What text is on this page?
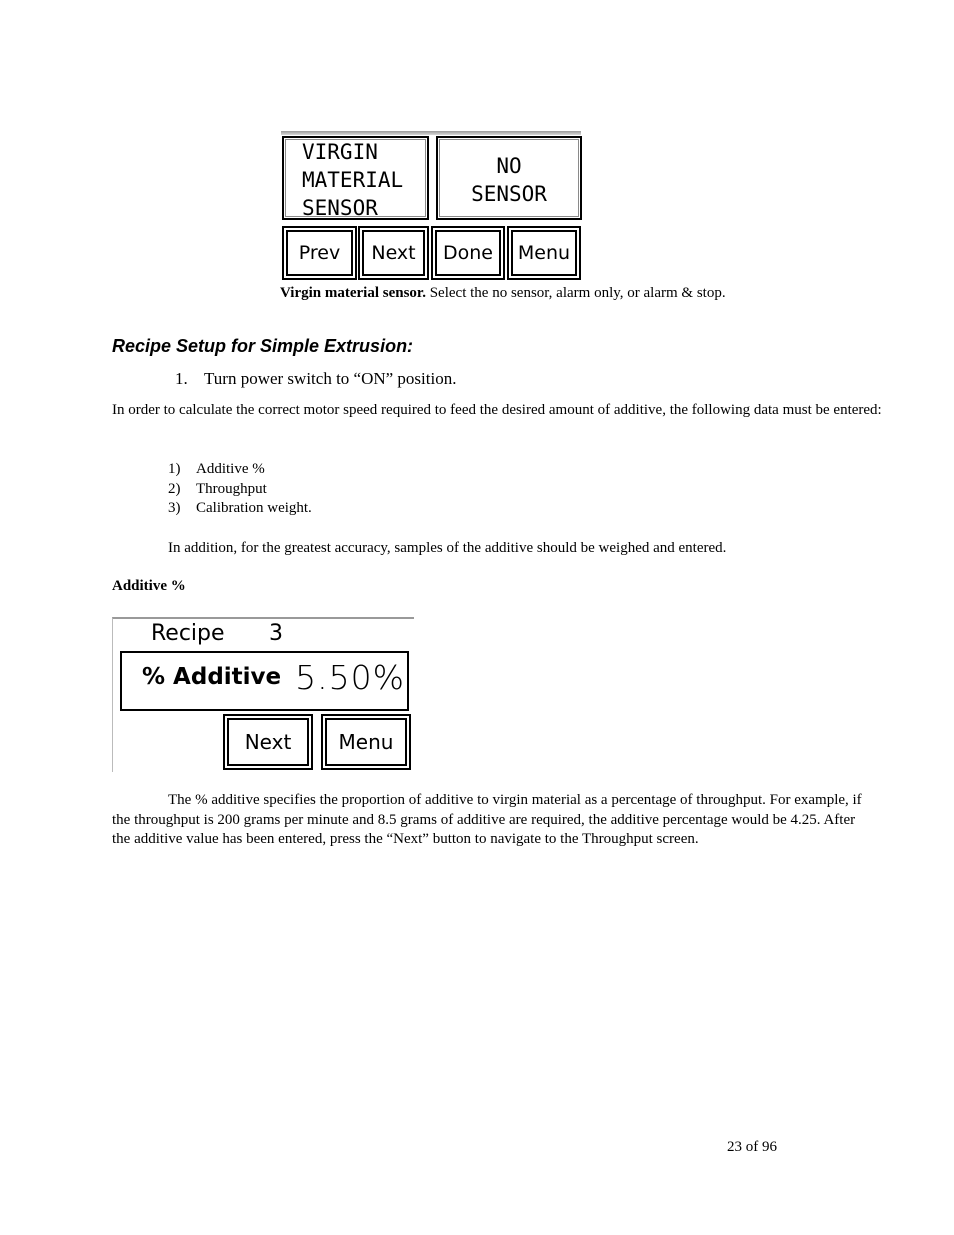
VIRGIN
MATERIAL
SENSOR
NO
SENSOR
Prev	Next	Done	Menu
Virgin material sensor. Select the no sensor, alarm only, or alarm & stop.
Recipe Setup for Simple Extrusion:
1. Turn power switch to “ON” position.
In order to calculate the correct motor speed required to feed the desired amount of additive, the following data must be entered:
1) Additive %
2) Throughput
3) Calibration weight.
In addition, for the greatest accuracy, samples of the additive should be weighed and entered.
Additive %
Recipe 3
% Additive 5.50%
Next	Menu
The % additive specifies the proportion of additive to virgin material as a percentage of throughput. For example, if the throughput is 200 grams per minute and 8.5 grams of additive are required, the additive percentage would be 4.25. After the additive value has been entered, press the “Next” button to navigate to the Throughput screen.
23 of 96
